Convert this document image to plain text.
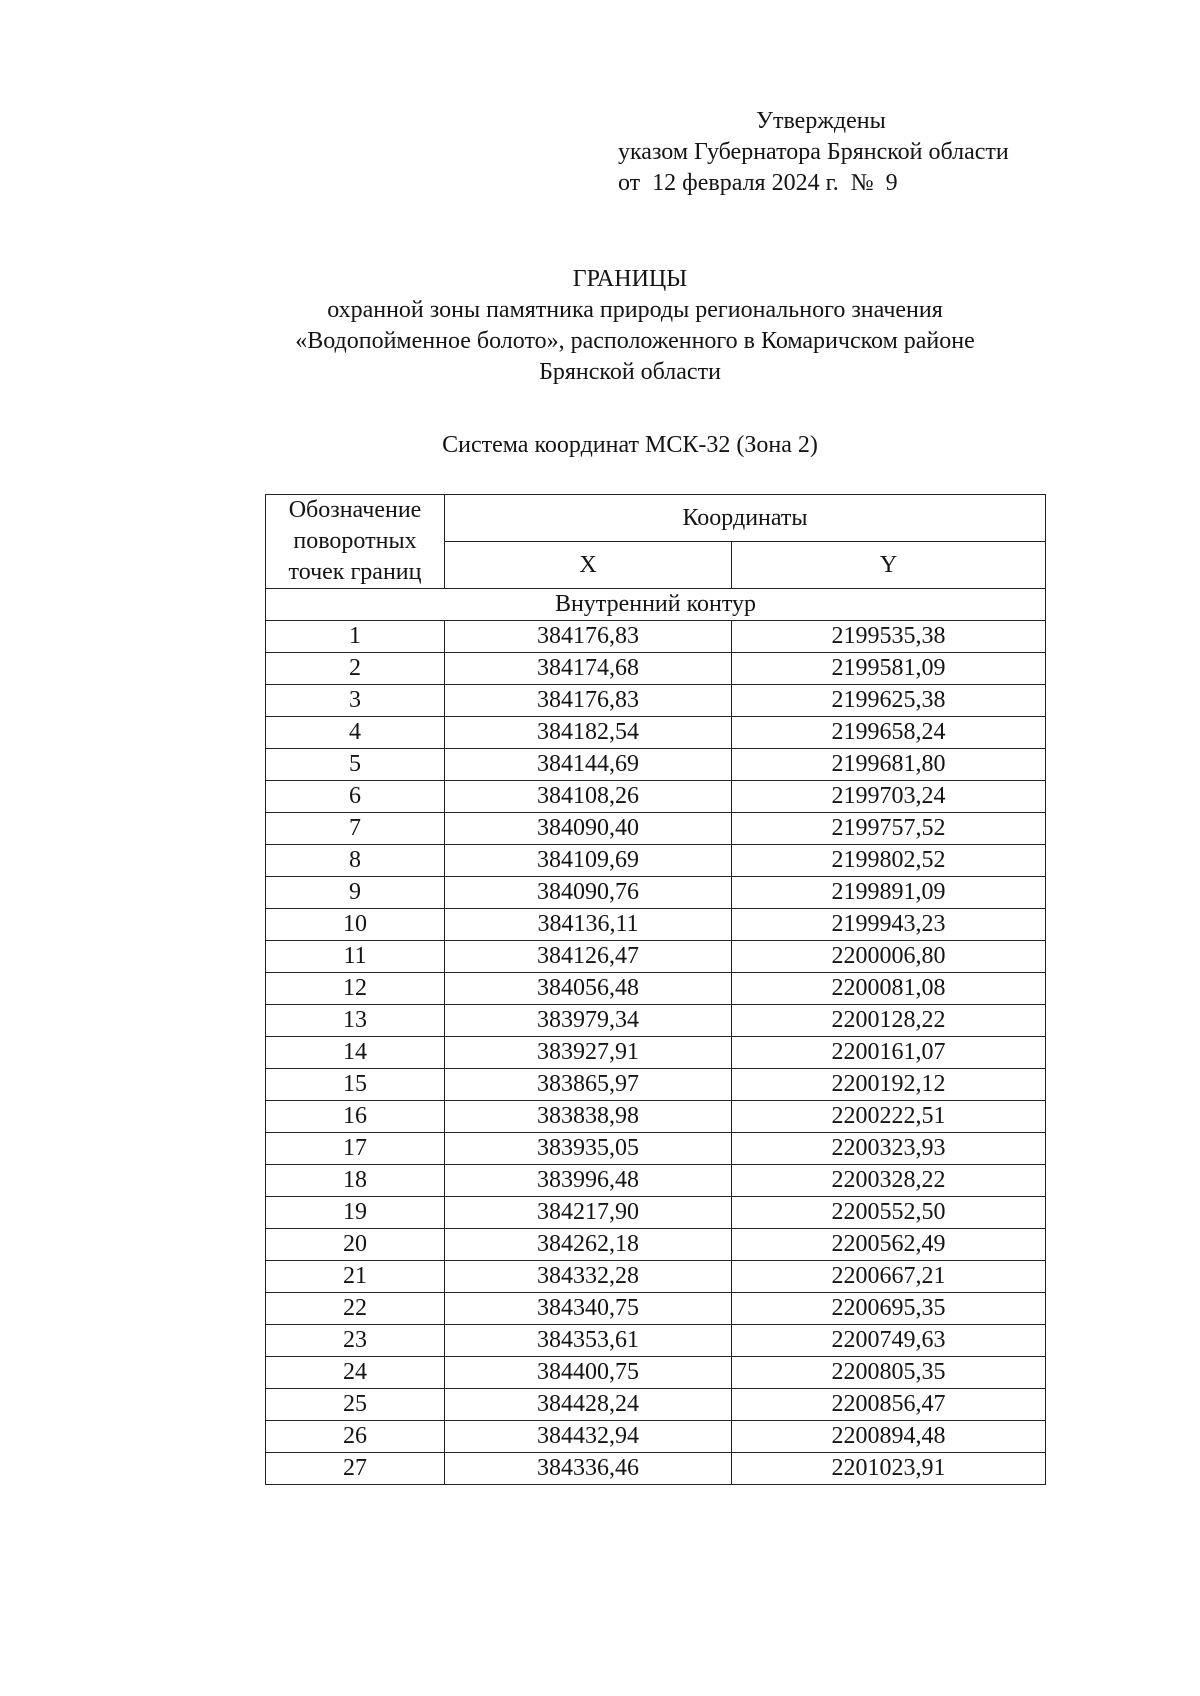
Утверждены
указом Губернатора Брянской области
от  12 февраля 2024 г.  №  9
ГРАНИЦЫ
охранной зоны памятника природы регионального значения
«Водопойменное болото», расположенного в Комаричском районе
Брянской области
Система координат МСК-32 (Зона 2)
Обозначение поворотных точек границ	Координаты	
	X	Y
Внутренний контур		
1	384176,83	2199535,38
2	384174,68	2199581,09
3	384176,83	2199625,38
4	384182,54	2199658,24
5	384144,69	2199681,80
6	384108,26	2199703,24
7	384090,40	2199757,52
8	384109,69	2199802,52
9	384090,76	2199891,09
10	384136,11	2199943,23
11	384126,47	2200006,80
12	384056,48	2200081,08
13	383979,34	2200128,22
14	383927,91	2200161,07
15	383865,97	2200192,12
16	383838,98	2200222,51
17	383935,05	2200323,93
18	383996,48	2200328,22
19	384217,90	2200552,50
20	384262,18	2200562,49
21	384332,28	2200667,21
22	384340,75	2200695,35
23	384353,61	2200749,63
24	384400,75	2200805,35
25	384428,24	2200856,47
26	384432,94	2200894,48
27	384336,46	2201023,91
